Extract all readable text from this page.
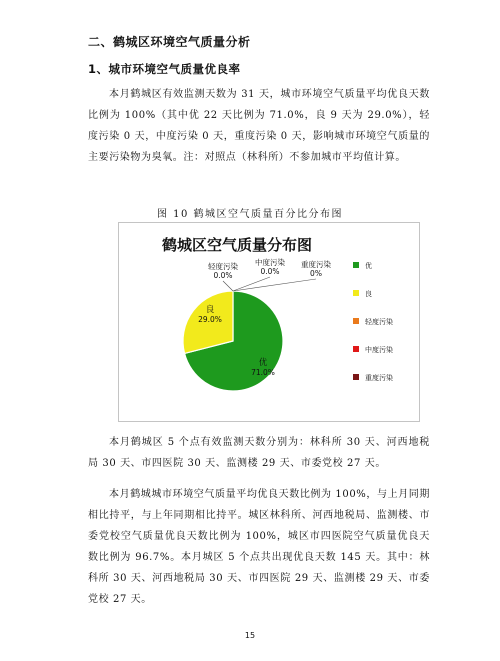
二、鹤城区环境空气质量分析

1、城市环境空气质量优良率

本月鹤城区有效监测天数为 31 天，城市环境空气质量平均优良天数比例为 100%（其中优 22 天比例为 71.0%，良 9 天为 29.0%），轻度污染 0 天，中度污染 0 天，重度污染 0 天，影响城市环境空气质量的主要污染物为臭氧。注：对照点（林科所）不参加城市平均值计算。

图 10 鹤城区空气质量百分比分布图

鹤城区空气质量分布图
优
71.0%
良
29.0%
轻度污染
0.0%
中度污染
0.0%
重度污染
0%
优
良
轻度污染
中度污染
重度污染

本月鹤城区 5 个点有效监测天数分别为：林科所 30 天、河西地税局 30 天、市四医院 30 天、监测楼 29 天、市委党校 27 天。

本月鹤城城市环境空气质量平均优良天数比例为 100%，与上月同期相比持平，与上年同期相比持平。城区林科所、河西地税局、监测楼、市委党校空气质量优良天数比例为 100%，城区市四医院空气质量优良天数比例为 96.7%。本月城区 5 个点共出现优良天数 145 天。其中：林科所 30 天、河西地税局 30 天、市四医院 29 天、监测楼 29 天、市委党校 27 天。

15
